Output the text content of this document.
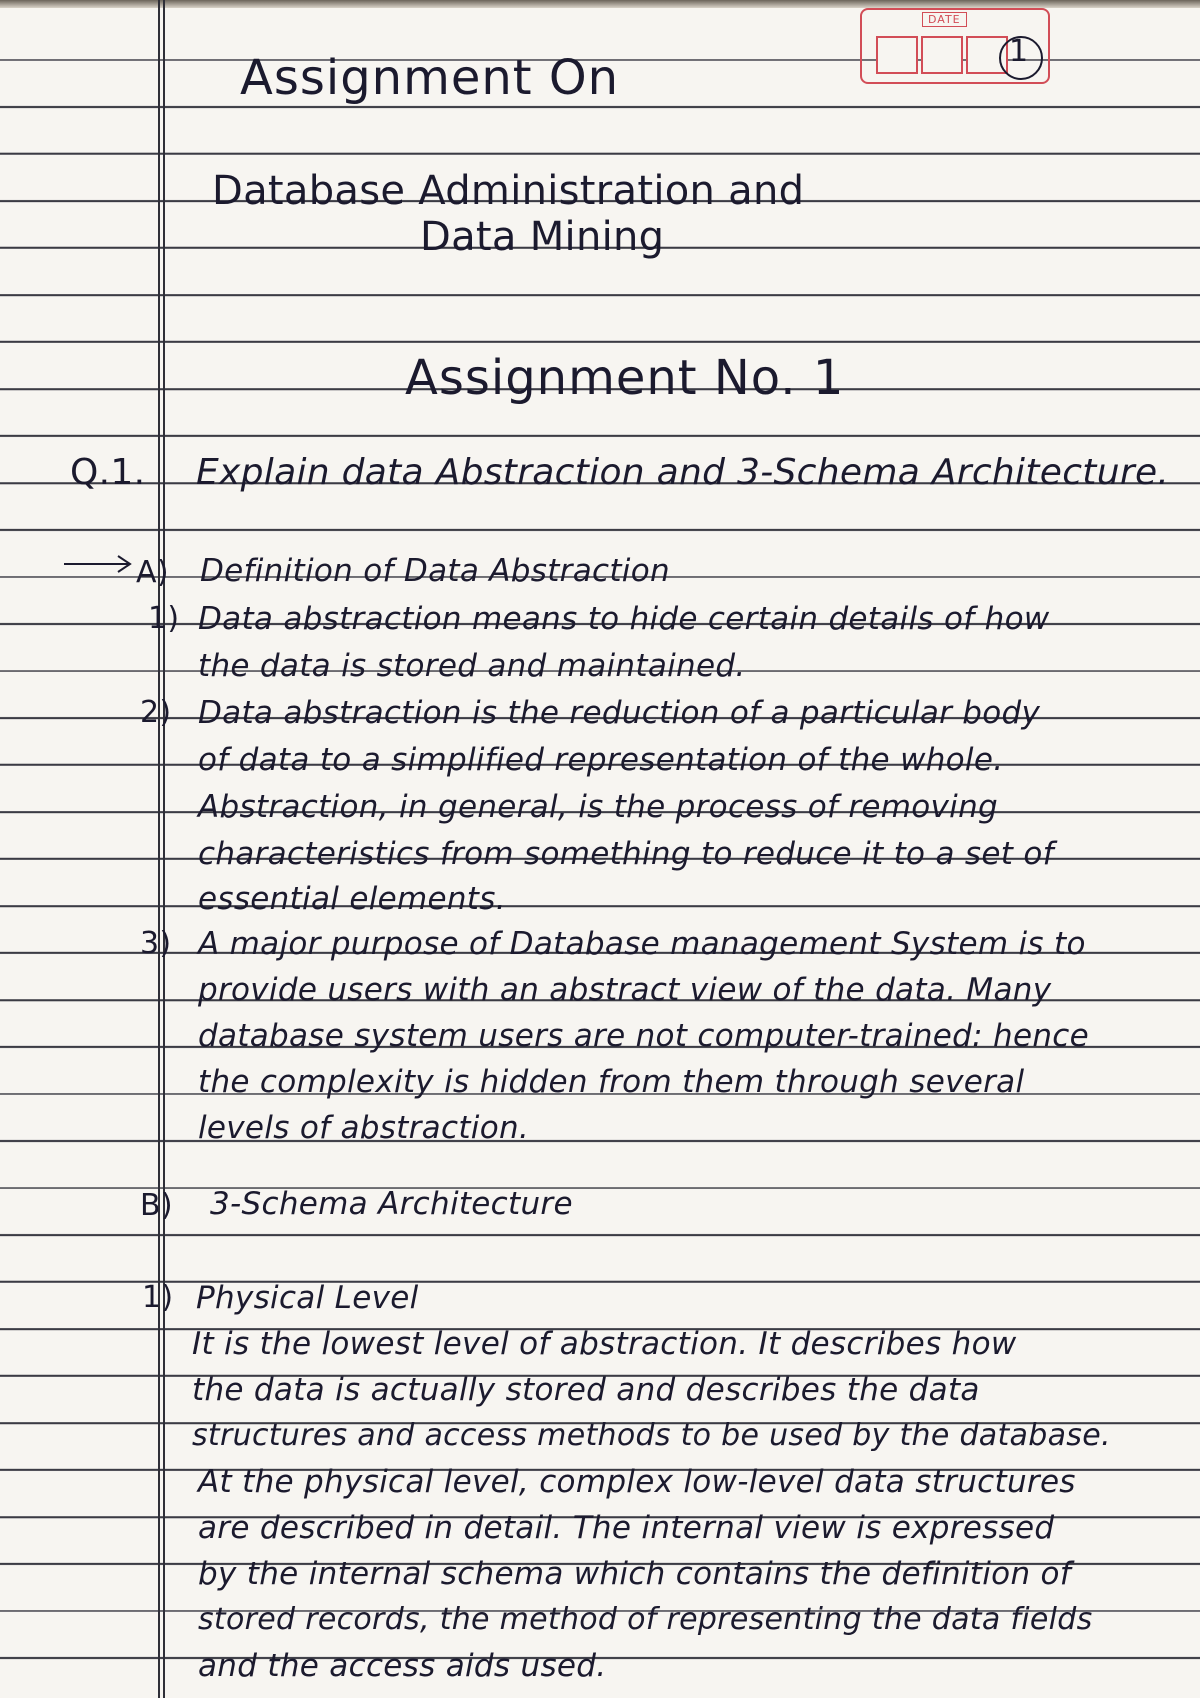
DATE
1
Assignment On
Database Administration and
Data Mining
Assignment No. 1
Q.1. Explain data Abstraction and 3-Schema Architecture.
A) Definition of Data Abstraction
1) Data abstraction means to hide certain details of how
the data is stored and maintained.
2) Data abstraction is the reduction of a particular body
of data to a simplified representation of the whole.
Abstraction, in general, is the process of removing
characteristics from something to reduce it to a set of
essential elements.
3) A major purpose of Database management System is to
provide users with an abstract view of the data. Many
database system users are not computer-trained: hence
the complexity is hidden from them through several
levels of abstraction.
B) 3-Schema Architecture
1) Physical Level
It is the lowest level of abstraction. It describes how
the data is actually stored and describes the data
structures and access methods to be used by the database.
At the physical level, complex low-level data structures
are described in detail. The internal view is expressed
by the internal schema which contains the definition of
stored records, the method of representing the data fields
and the access aids used.
